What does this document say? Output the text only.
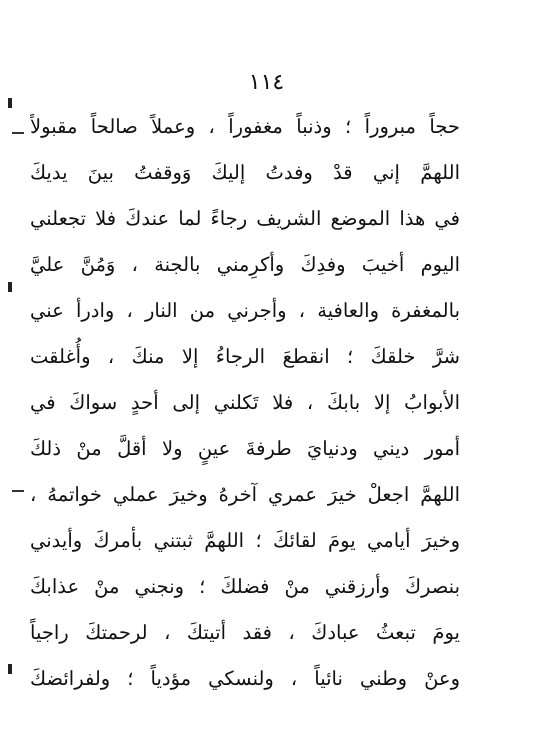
١١٤
حجاً مبروراً ؛ وذنباً مغفوراً ، وعملاً صالحاً مقبولاً
اللهمَّ إني قدْ وفدتُ إليكَ وَوقفتُ بينَ يديكَ
في هذا الموضع الشريف رجاءً لما عندكَ فلا تجعلني
اليوم أخيبَ وفدِكَ وأكرِمني بالجنة ، وَمُنَّ عليَّ
بالمغفرة والعافية ، وأجرني من النار ، وادرأ عني
شرَّ خلقكَ ؛ انقطعَ الرجاءُ إلا منكَ ، وأُغلقت
الأبوابُ إلا بابكَ ، فلا تَكلني إلى أحدٍ سواكَ في
أمور ديني ودنيايَ طرفةَ عينٍ ولا أقلَّ منْ ذلكَ
اللهمَّ اجعلْ خيرَ عمري آخرهُ وخيرَ عملي خواتمهُ ،
وخيرَ أيامي يومَ لقائكَ ؛ اللهمَّ ثبتني بأمركَ وأيدني
بنصركَ وأرزقني منْ فضلكَ ؛ ونجني منْ عذابكَ
يومَ تبعثُ عبادكَ ، فقد أتيتكَ ، لرحمتكَ راجياً
وعنْ وطني نائياً ، ولنسكي مؤدياً ؛ ولفرائضكَ
